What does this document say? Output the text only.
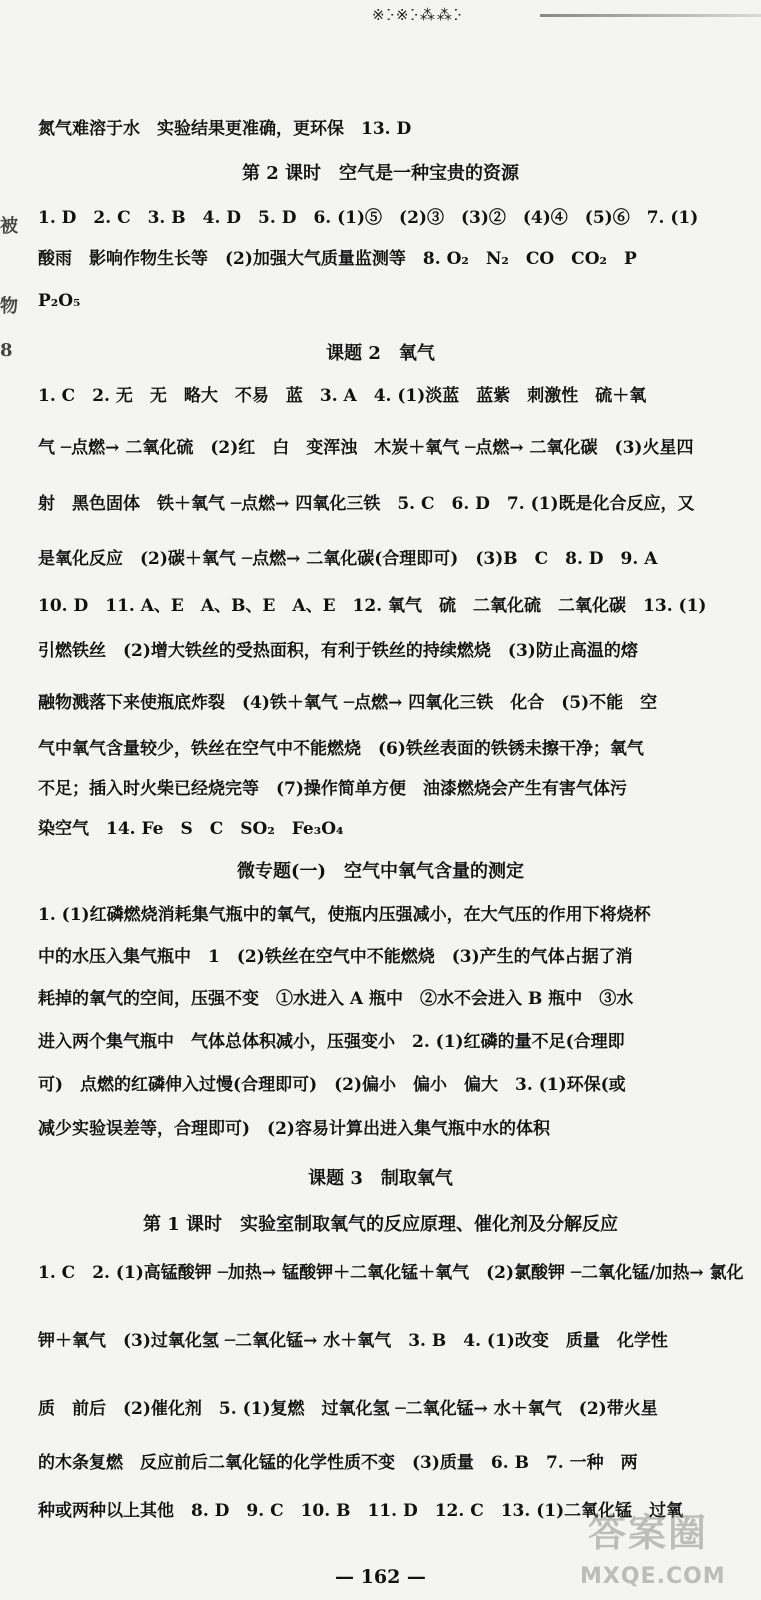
※ⴾ※ⴾ⁂⁂ⴾ
被
物
8
氮气难溶于水　实验结果更准确，更环保　13. D
第 2 课时　空气是一种宝贵的资源
1. D　2. C　3. B　4. D　5. D　6. (1)⑤　(2)③　(3)②　(4)④　(5)⑥　7. (1)
酸雨　影响作物生长等　(2)加强大气质量监测等　8. O₂　N₂　CO　CO₂　P
P₂O₅
课题 2　氧气
1. C　2. 无　无　略大　不易　蓝　3. A　4. (1)淡蓝　蓝紫　刺激性　硫＋氧
气 ─点燃→ 二氧化硫　(2)红　白　变浑浊　木炭＋氧气 ─点燃→ 二氧化碳　(3)火星四
射　黑色固体　铁＋氧气 ─点燃→ 四氧化三铁　5. C　6. D　7. (1)既是化合反应，又
是氧化反应　(2)碳＋氧气 ─点燃→ 二氧化碳(合理即可)　(3)B　C　8. D　9. A
10. D　11. A、E　A、B、E　A、E　12. 氧气　硫　二氧化硫　二氧化碳　13. (1)
引燃铁丝　(2)增大铁丝的受热面积，有利于铁丝的持续燃烧　(3)防止高温的熔
融物溅落下来使瓶底炸裂　(4)铁＋氧气 ─点燃→ 四氧化三铁　化合　(5)不能　空
气中氧气含量较少，铁丝在空气中不能燃烧　(6)铁丝表面的铁锈未擦干净；氧气
不足；插入时火柴已经烧完等　(7)操作简单方便　油漆燃烧会产生有害气体污
染空气　14. Fe　S　C　SO₂　Fe₃O₄
微专题(一)　空气中氧气含量的测定
1. (1)红磷燃烧消耗集气瓶中的氧气，使瓶内压强减小，在大气压的作用下将烧杯
中的水压入集气瓶中　1　(2)铁丝在空气中不能燃烧　(3)产生的气体占据了消
耗掉的氧气的空间，压强不变　①水进入 A 瓶中　②水不会进入 B 瓶中　③水
进入两个集气瓶中　气体总体积减小，压强变小　2. (1)红磷的量不足(合理即
可)　点燃的红磷伸入过慢(合理即可)　(2)偏小　偏小　偏大　3. (1)环保(或
减少实验误差等，合理即可)　(2)容易计算出进入集气瓶中水的体积
课题 3　制取氧气
第 1 课时　实验室制取氧气的反应原理、催化剂及分解反应
1. C　2. (1)高锰酸钾 ─加热→ 锰酸钾＋二氧化锰＋氧气　(2)氯酸钾 ─二氧化锰/加热→ 氯化
钾＋氧气　(3)过氧化氢 ─二氧化锰→ 水＋氧气　3. B　4. (1)改变　质量　化学性
质　前后　(2)催化剂　5. (1)复燃　过氧化氢 ─二氧化锰→ 水＋氧气　(2)带火星
的木条复燃　反应前后二氧化锰的化学性质不变　(3)质量　6. B　7. 一种　两
种或两种以上其他　8. D　9. C　10. B　11. D　12. C　13. (1)二氧化锰　过氧
— 162 —
答案圈
MXQE.COM
